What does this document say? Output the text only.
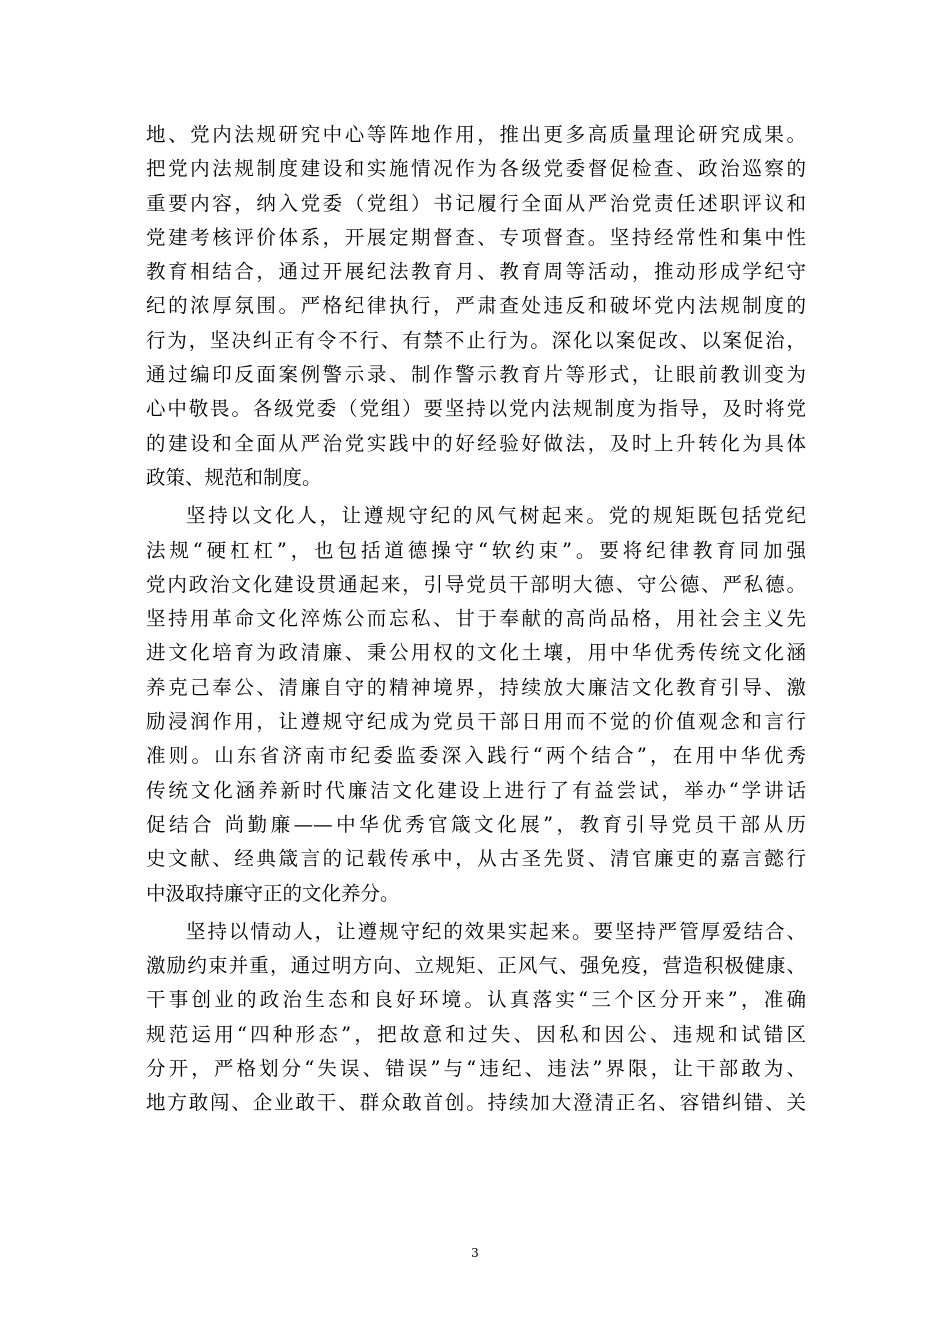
地、党内法规研究中心等阵地作用，推出更多高质量理论研究成果。
把党内法规制度建设和实施情况作为各级党委督促检查、政治巡察的
重要内容，纳入党委（党组）书记履行全面从严治党责任述职评议和
党建考核评价体系，开展定期督查、专项督查。坚持经常性和集中性
教育相结合，通过开展纪法教育月、教育周等活动，推动形成学纪守
纪的浓厚氛围。严格纪律执行，严肃查处违反和破坏党内法规制度的
行为，坚决纠正有令不行、有禁不止行为。深化以案促改、以案促治，
通过编印反面案例警示录、制作警示教育片等形式，让眼前教训变为
心中敬畏。各级党委（党组）要坚持以党内法规制度为指导，及时将党
的建设和全面从严治党实践中的好经验好做法，及时上升转化为具体
政策、规范和制度。
坚持以文化人，让遵规守纪的风气树起来。党的规矩既包括党纪
法规“硬杠杠”，也包括道德操守“软约束”。要将纪律教育同加强
党内政治文化建设贯通起来，引导党员干部明大德、守公德、严私德。
坚持用革命文化淬炼公而忘私、甘于奉献的高尚品格，用社会主义先
进文化培育为政清廉、秉公用权的文化土壤，用中华优秀传统文化涵
养克己奉公、清廉自守的精神境界，持续放大廉洁文化教育引导、激
励浸润作用，让遵规守纪成为党员干部日用而不觉的价值观念和言行
准则。山东省济南市纪委监委深入践行“两个结合”，在用中华优秀
传统文化涵养新时代廉洁文化建设上进行了有益尝试，举办“学讲话
促结合 尚勤廉——中华优秀官箴文化展”，教育引导党员干部从历
史文献、经典箴言的记载传承中，从古圣先贤、清官廉吏的嘉言懿行
中汲取持廉守正的文化养分。
坚持以情动人，让遵规守纪的效果实起来。要坚持严管厚爱结合、
激励约束并重，通过明方向、立规矩、正风气、强免疫，营造积极健康、
干事创业的政治生态和良好环境。认真落实“三个区分开来”，准确
规范运用“四种形态”，把故意和过失、因私和因公、违规和试错区
分开，严格划分“失误、错误”与“违纪、违法”界限，让干部敢为、
地方敢闯、企业敢干、群众敢首创。持续加大澄清正名、容错纠错、关
3
